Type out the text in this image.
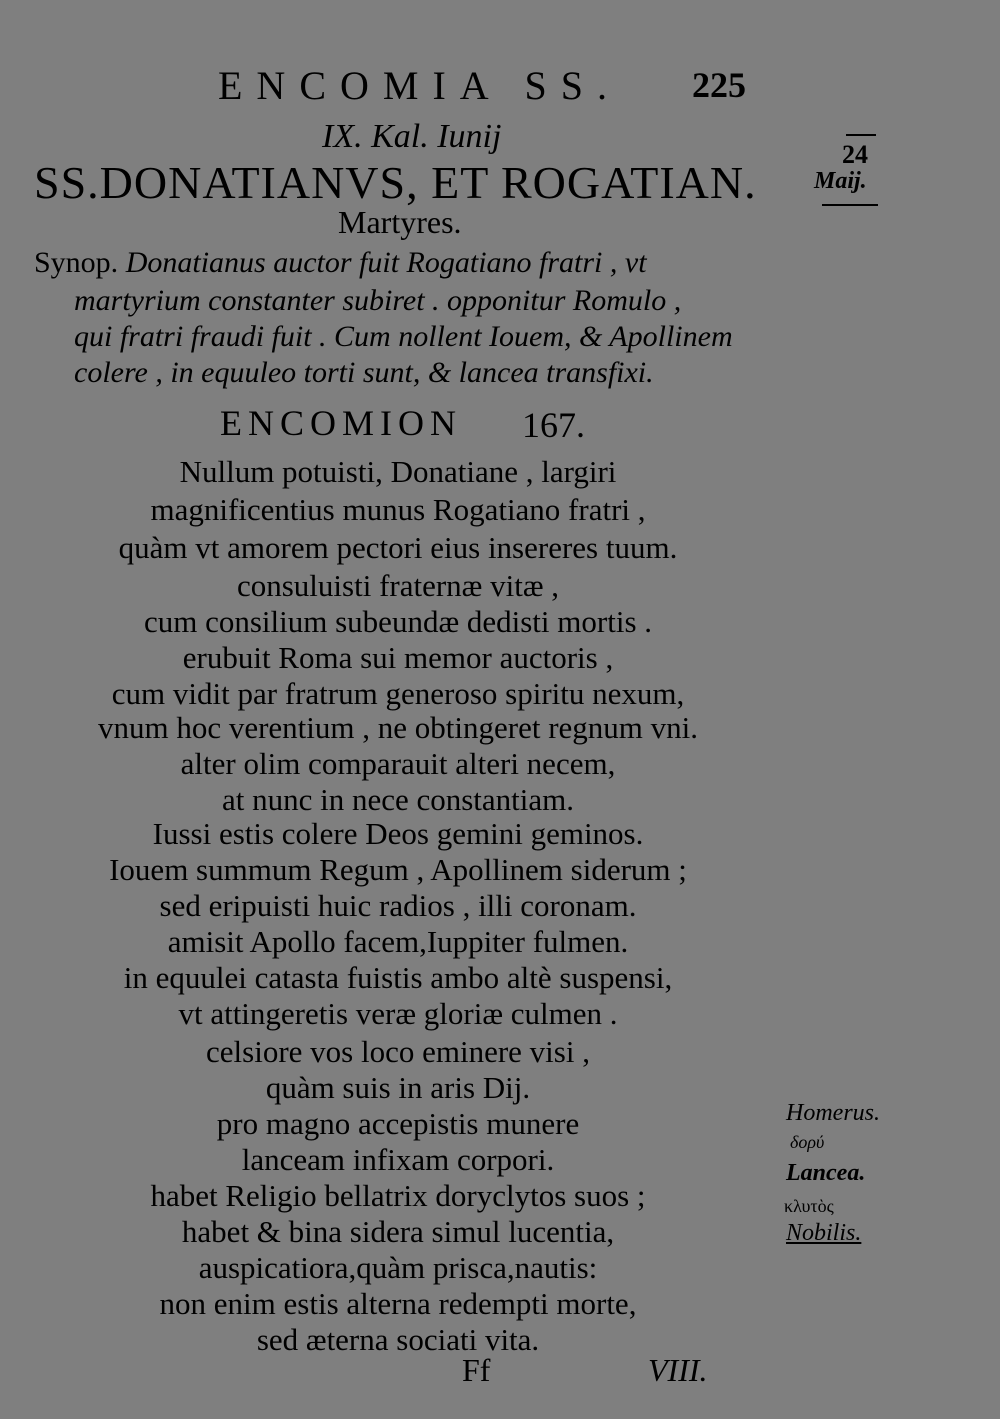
ENCOMIA SS. 225
IX. Kal. Iunij
SS.DONATIANVS, ET ROGATIAN.
Martyres.
Synop. Donatianus auctor fuit Rogatiano fratri , vt
martyrium constanter subiret . opponitur Romulo ,
qui fratri fraudi fuit . Cum nollent Iouem, & Apollinem
colere , in equuleo torti sunt, & lancea transfixi.
ENCOMION 167.
Nullum potuisti, Donatiane , largiri
magnificentius munus Rogatiano fratri ,
quàm vt amorem pectori eius insereres tuum.
consuluisti fraternæ vitæ ,
cum consilium subeundæ dedisti mortis .
erubuit Roma sui memor auctoris ,
cum vidit par fratrum generoso spiritu nexum,
vnum hoc verentium , ne obtingeret regnum vni.
alter olim comparauit alteri necem,
at nunc in nece constantiam.
Iussi estis colere Deos gemini geminos.
Iouem summum Regum , Apollinem siderum ;
sed eripuisti huic radios , illi coronam.
amisit Apollo facem,Iuppiter fulmen.
in equulei catasta fuistis ambo altè suspensi,
vt attingeretis veræ gloriæ culmen .
celsiore vos loco eminere visi ,
quàm suis in aris Dij.
pro magno accepistis munere
lanceam infixam corpori.
habet Religio bellatrix doryclytos suos ;
habet & bina sidera simul lucentia,
auspicatiora,quàm prisca,nautis:
non enim estis alterna redempti morte,
sed æterna sociati vita.
24
Maij.
Homerus.
δορύ
Lancea.
κλυτὸς
Nobilis.
Ff	VIII.
